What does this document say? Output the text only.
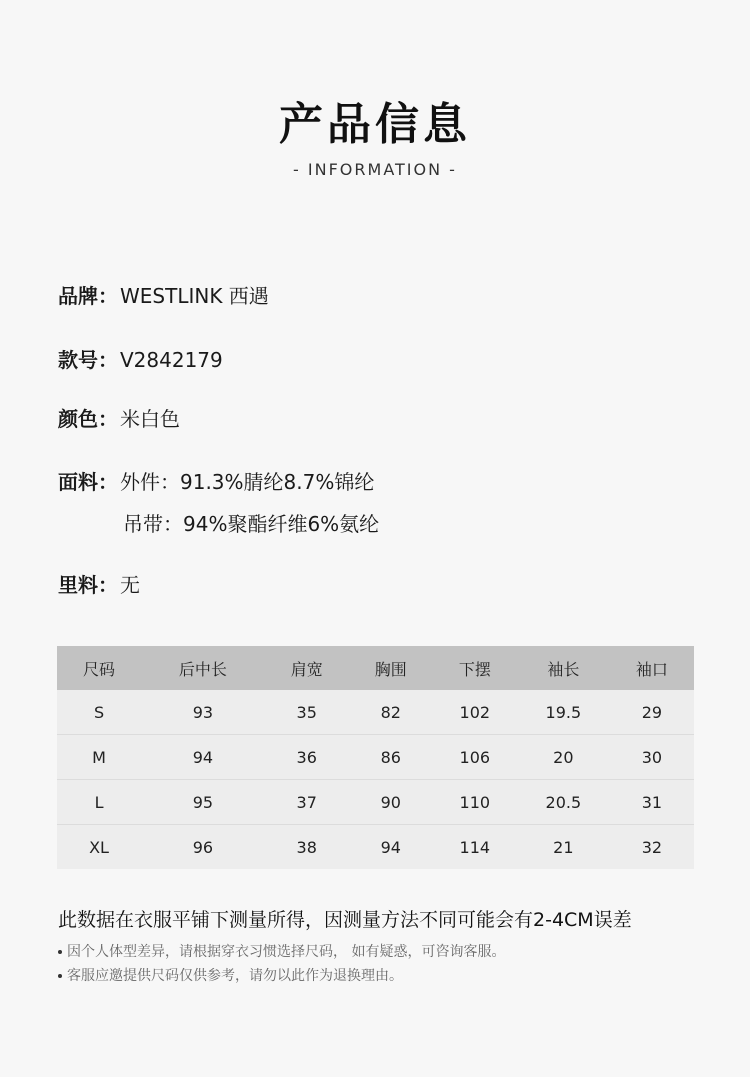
产品信息
- INFORMATION -
品牌： WESTLINK 西遇
款号： V2842179
颜色： 米白色
面料： 外件：91.3%腈纶8.7%锦纶
吊带：94%聚酯纤维6%氨纶
里料： 无
尺码	后中长	肩宽	胸围	下摆	袖长	袖口
S	93	35	82	102	19.5	29
M	94	36	86	106	20	30
L	95	37	90	110	20.5	31
XL	96	38	94	114	21	32
此数据在衣服平铺下测量所得，因测量方法不同可能会有2-4CM误差
因个人体型差异，请根据穿衣习惯选择尺码， 如有疑惑，可咨询客服。
客服应邀提供尺码仅供参考，请勿以此作为退换理由。
